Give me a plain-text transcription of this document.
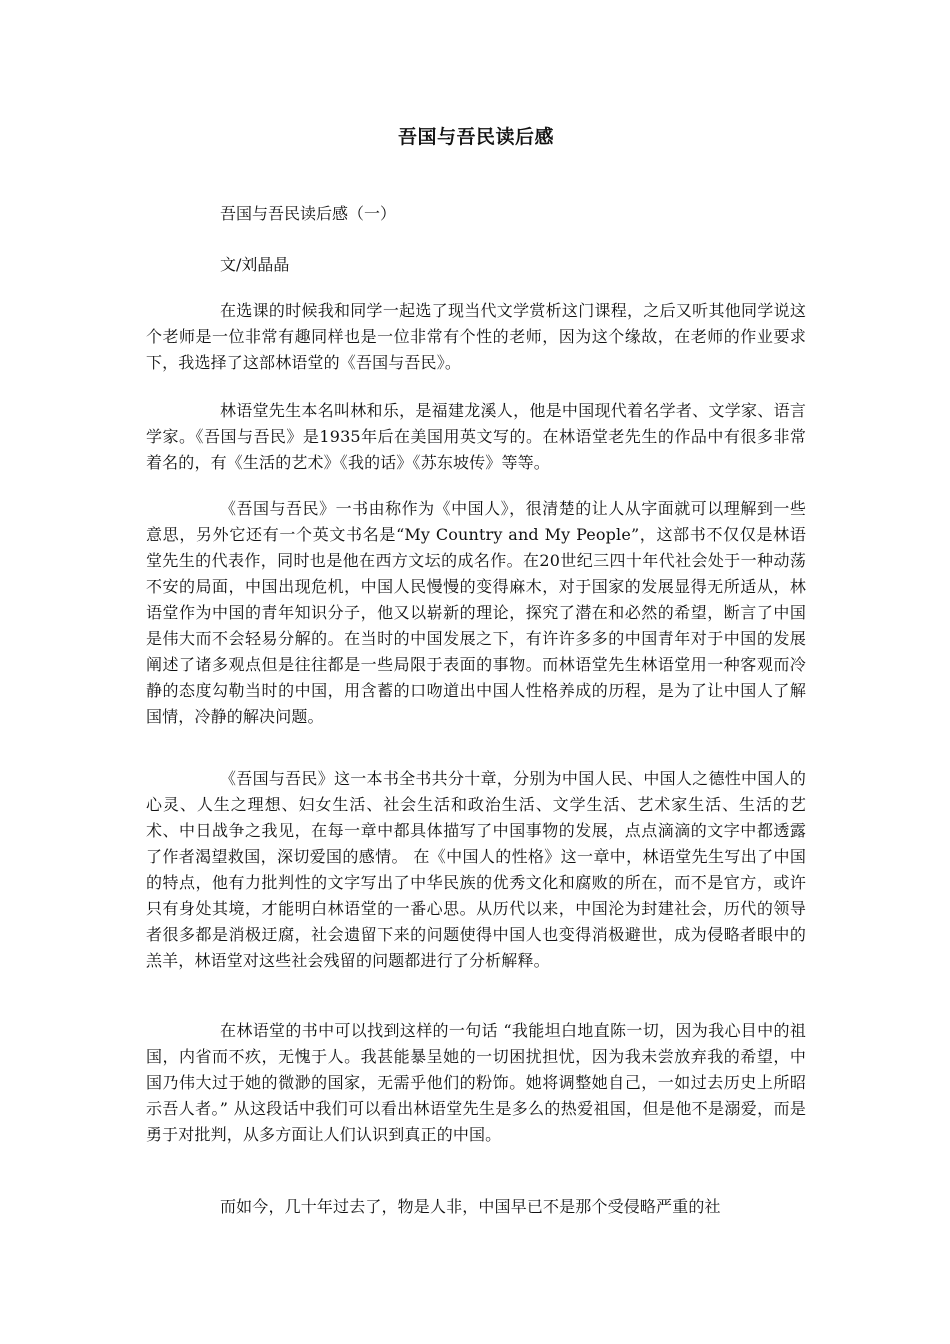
吾国与吾民读后感
吾国与吾民读后感（一）
文/刘晶晶

在选课的时候我和同学一起选了现当代文学赏析这门课程，之后又听其他同学说这个老师是一位非常有趣同样也是一位非常有个性的老师，因为这个缘故，在老师的作业要求下，我选择了这部林语堂的《吾国与吾民》。

林语堂先生本名叫林和乐，是福建龙溪人，他是中国现代着名学者、文学家、语言学家。《吾国与吾民》是1935年后在美国用英文写的。在林语堂老先生的作品中有很多非常着名的，有《生活的艺术》《我的话》《苏东坡传》等等。

《吾国与吾民》一书由称作为《中国人》，很清楚的让人从字面就可以理解到一些意思，另外它还有一个英文书名是“My Country and My People”，这部书不仅仅是林语堂先生的代表作，同时也是他在西方文坛的成名作。在20世纪三四十年代社会处于一种动荡不安的局面，中国出现危机，中国人民慢慢的变得麻木，对于国家的发展显得无所适从，林语堂作为中国的青年知识分子，他又以崭新的理论，探究了潜在和必然的希望，断言了中国是伟大而不会轻易分解的。在当时的中国发展之下，有许许多多的中国青年对于中国的发展阐述了诸多观点但是往往都是一些局限于表面的事物。而林语堂先生林语堂用一种客观而冷静的态度勾勒当时的中国，用含蓄的口吻道出中国人性格养成的历程，是为了让中国人了解国情，冷静的解决问题。

《吾国与吾民》这一本书全书共分十章，分别为中国人民、中国人之德性中国人的心灵、人生之理想、妇女生活、社会生活和政治生活、文学生活、艺术家生活、生活的艺术、中日战争之我见，在每一章中都具体描写了中国事物的发展，点点滴滴的文字中都透露了作者渴望救国，深切爱国的感情。 在《中国人的性格》这一章中，林语堂先生写出了中国的特点，他有力批判性的文字写出了中华民族的优秀文化和腐败的所在，而不是官方，或许只有身处其境，才能明白林语堂的一番心思。从历代以来，中国沦为封建社会，历代的领导者很多都是消极迂腐，社会遗留下来的问题使得中国人也变得消极避世，成为侵略者眼中的羔羊，林语堂对这些社会残留的问题都进行了分析解释。

在林语堂的书中可以找到这样的一句话 “我能坦白地直陈一切，因为我心目中的祖国，内省而不疚，无愧于人。我甚能暴呈她的一切困扰担忧，因为我未尝放弃我的希望，中国乃伟大过于她的微渺的国家，无需乎他们的粉饰。她将调整她自己，一如过去历史上所昭示吾人者。” 从这段话中我们可以看出林语堂先生是多么的热爱祖国，但是他不是溺爱，而是勇于对批判，从多方面让人们认识到真正的中国。

而如今，几十年过去了，物是人非，中国早已不是那个受侵略严重的社
